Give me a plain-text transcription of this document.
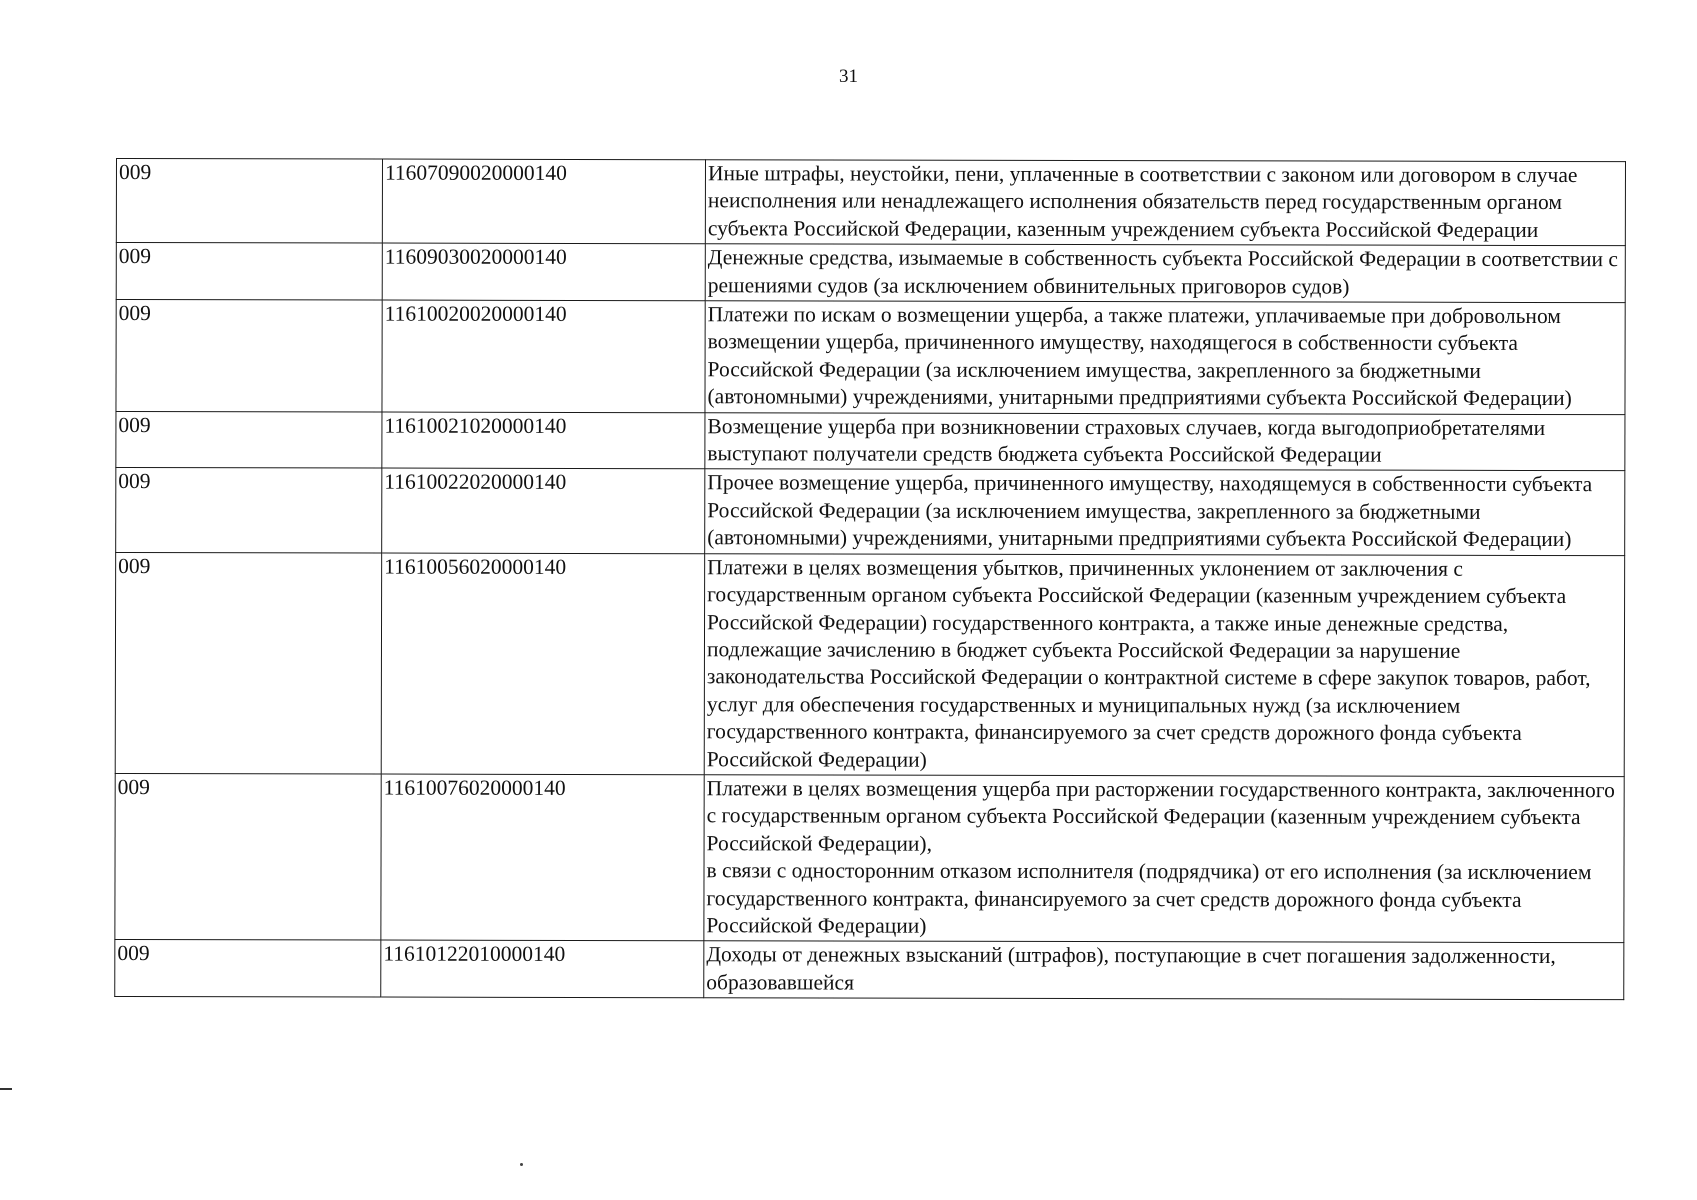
31
009	11607090020000140	Иные штрафы, неустойки, пени, уплаченные в соответствии с законом или договором в случае неисполнения или ненадлежащего исполнения обязательств перед государственным органом субъекта Российской Федерации, казенным учреждением субъекта Российской Федерации
009	11609030020000140	Денежные средства, изымаемые в собственность субъекта Российской Федерации в соответствии с решениями судов (за исключением обвинительных приговоров судов)
009	11610020020000140	Платежи по искам о возмещении ущерба, а также платежи, уплачиваемые при добровольном возмещении ущерба, причиненного имуществу, находящегося в собственности субъекта Российской Федерации (за исключением имущества, закрепленного за бюджетными (автономными) учреждениями, унитарными предприятиями субъекта Российской Федерации)
009	11610021020000140	Возмещение ущерба при возникновении страховых случаев, когда выгодоприобретателями выступают получатели средств бюджета субъекта Российской Федерации
009	11610022020000140	Прочее возмещение ущерба, причиненного имуществу, находящемуся в собственности субъекта Российской Федерации (за исключением имущества, закрепленного за бюджетными (автономными) учреждениями, унитарными предприятиями субъекта Российской Федерации)
009	11610056020000140	Платежи в целях возмещения убытков, причиненных уклонением от заключения с государственным органом субъекта Российской Федерации (казенным учреждением субъекта Российской Федерации) государственного контракта, а также иные денежные средства, подлежащие зачислению в бюджет субъекта Российской Федерации за нарушение законодательства Российской Федерации о контрактной системе в сфере закупок товаров, работ, услуг для обеспечения государственных и муниципальных нужд (за исключением государственного контракта, финансируемого за счет средств дорожного фонда субъекта Российской Федерации)
009	11610076020000140	Платежи в целях возмещения ущерба при расторжении государственного контракта, заключенного с государственным органом субъекта Российской Федерации (казенным учреждением субъекта Российской Федерации),
в связи с односторонним отказом исполнителя (подрядчика) от его исполнения (за исключением государственного контракта, финансируемого за счет средств дорожного фонда субъекта Российской Федерации)

009	11610122010000140	Доходы от денежных взысканий (штрафов), поступающие в счет погашения задолженности, образовавшейся
